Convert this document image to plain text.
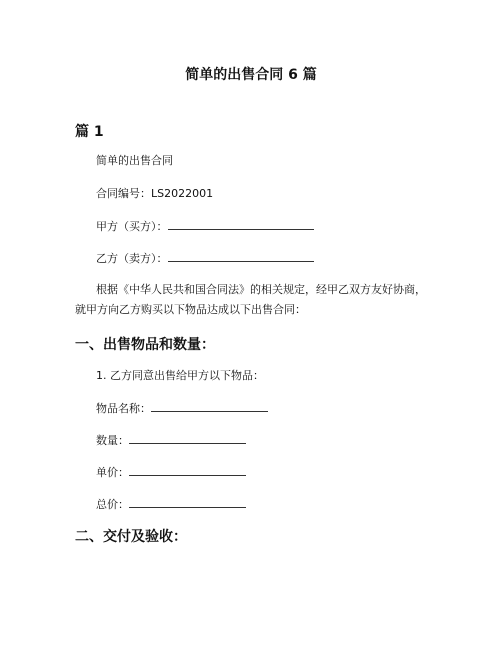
简单的出售合同 6 篇
篇 1
简单的出售合同
合同编号：LS2022001
甲方（买方）：
乙方（卖方）：
根据《中华人民共和国合同法》的相关规定，经甲乙双方友好协商，就甲方向乙方购买以下物品达成以下出售合同：
一、出售物品和数量：
1. 乙方同意出售给甲方以下物品：
物品名称：
数量：
单价：
总价：
二、交付及验收：
